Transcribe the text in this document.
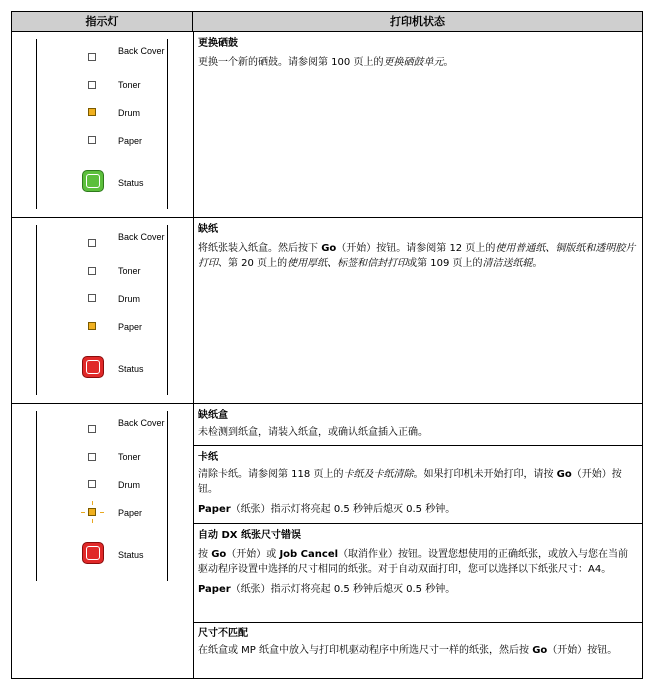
指示灯	打印机状态
Back Cover
Toner
Drum
Paper
Status
Back Cover
Toner
Drum
Paper
Status
Back Cover
Toner
Drum
Paper
Status
更换硒鼓
更换一个新的硒鼓。请参阅第 100 页上的更换硒鼓单元。
缺纸
将纸张装入纸盒。然后按下 Go（开始）按钮。请参阅第 12 页上的使用普通纸、铜版纸和透明胶片打印、第 20 页上的使用厚纸、标签和信封打印或第 109 页上的清洁送纸辊。
缺纸盒
未检测到纸盒，请装入纸盒，或确认纸盒插入正确。
卡纸
清除卡纸。请参阅第 118 页上的卡纸及卡纸清除。如果打印机未开始打印，请按 Go（开始）按钮。
Paper（纸张）指示灯将亮起 0.5 秒钟后熄灭 0.5 秒钟。
自动 DX 纸张尺寸错误
按 Go（开始）或 Job Cancel（取消作业）按钮。设置您想使用的正确纸张，或放入与您在当前驱动程序设置中选择的尺寸相同的纸张。对于自动双面打印，您可以选择以下纸张尺寸：A4。
Paper（纸张）指示灯将亮起 0.5 秒钟后熄灭 0.5 秒钟。
尺寸不匹配
在纸盒或 MP 纸盒中放入与打印机驱动程序中所选尺寸一样的纸张，然后按 Go（开始）按钮。
